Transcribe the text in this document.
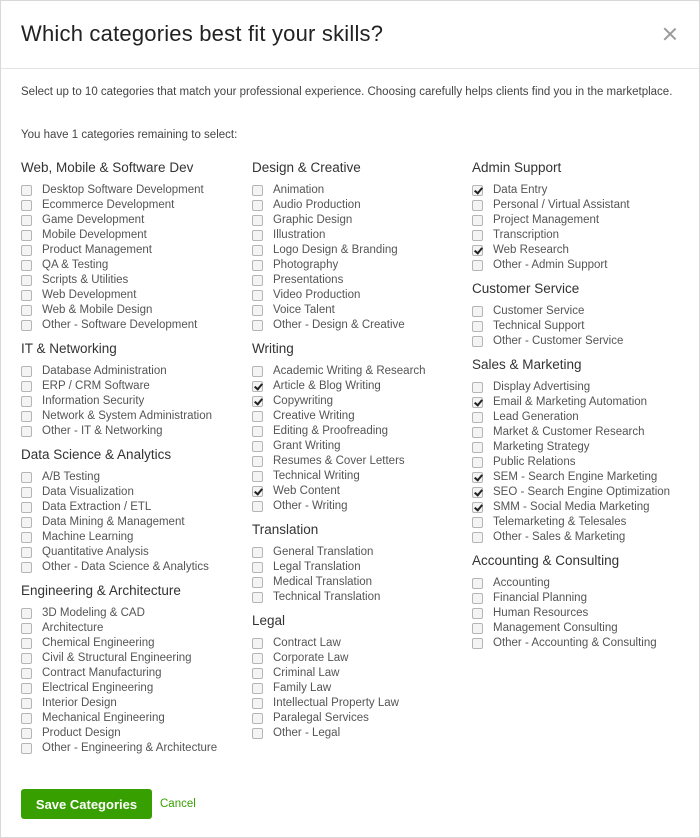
Which categories best fit your skills?

Select up to 10 categories that match your professional experience. Choosing carefully helps clients find you in the marketplace.

You have 1 categories remaining to select:

Web, Mobile & Software Dev
Desktop Software Development
Ecommerce Development
Game Development
Mobile Development
Product Management
QA & Testing
Scripts & Utilities
Web Development
Web & Mobile Design
Other - Software Development
IT & Networking
Database Administration
ERP / CRM Software
Information Security
Network & System Administration
Other - IT & Networking
Data Science & Analytics
A/B Testing
Data Visualization
Data Extraction / ETL
Data Mining & Management
Machine Learning
Quantitative Analysis
Other - Data Science & Analytics
Engineering & Architecture
3D Modeling & CAD
Architecture
Chemical Engineering
Civil & Structural Engineering
Contract Manufacturing
Electrical Engineering
Interior Design
Mechanical Engineering
Product Design
Other - Engineering & Architecture
Design & Creative
Animation
Audio Production
Graphic Design
Illustration
Logo Design & Branding
Photography
Presentations
Video Production
Voice Talent
Other - Design & Creative
Writing
Academic Writing & Research
Article & Blog Writing
Copywriting
Creative Writing
Editing & Proofreading
Grant Writing
Resumes & Cover Letters
Technical Writing
Web Content
Other - Writing
Translation
General Translation
Legal Translation
Medical Translation
Technical Translation
Legal
Contract Law
Corporate Law
Criminal Law
Family Law
Intellectual Property Law
Paralegal Services
Other - Legal
Admin Support
Data Entry
Personal / Virtual Assistant
Project Management
Transcription
Web Research
Other - Admin Support
Customer Service
Customer Service
Technical Support
Other - Customer Service
Sales & Marketing
Display Advertising
Email & Marketing Automation
Lead Generation
Market & Customer Research
Marketing Strategy
Public Relations
SEM - Search Engine Marketing
SEO - Search Engine Optimization
SMM - Social Media Marketing
Telemarketing & Telesales
Other - Sales & Marketing
Accounting & Consulting
Accounting
Financial Planning
Human Resources
Management Consulting
Other - Accounting & Consulting
Save Categories	Cancel
